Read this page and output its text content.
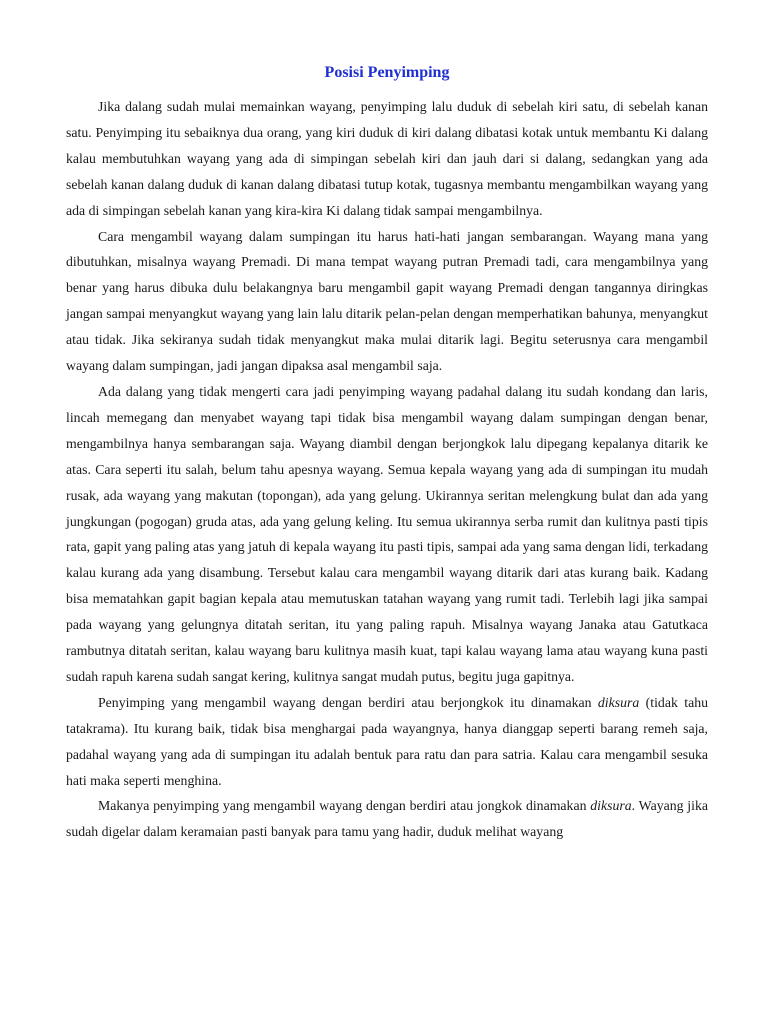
Posisi Penyimping

Jika dalang sudah mulai memainkan wayang, penyimping lalu duduk di sebelah kiri satu, di sebelah kanan satu. Penyimping itu sebaiknya dua orang, yang kiri duduk di kiri dalang dibatasi kotak untuk membantu Ki dalang kalau membutuhkan wayang yang ada di simpingan sebelah kiri dan jauh dari si dalang, sedangkan yang ada sebelah kanan dalang duduk di kanan dalang dibatasi tutup kotak, tugasnya membantu mengambilkan wayang yang ada di simpingan sebelah kanan yang kira-kira Ki dalang tidak sampai mengambilnya.

Cara mengambil wayang dalam sumpingan itu harus hati-hati jangan sembarangan. Wayang mana yang dibutuhkan, misalnya wayang Premadi. Di mana tempat wayang putran Premadi tadi, cara mengambilnya yang benar yang harus dibuka dulu belakangnya baru mengambil gapit wayang Premadi dengan tangannya diringkas jangan sampai menyangkut wayang yang lain lalu ditarik pelan-pelan dengan memperhatikan bahunya, menyangkut atau tidak. Jika sekiranya sudah tidak menyangkut maka mulai ditarik lagi. Begitu seterusnya cara mengambil wayang dalam sumpingan, jadi jangan dipaksa asal mengambil saja.

Ada dalang yang tidak mengerti cara jadi penyimping wayang padahal dalang itu sudah kondang dan laris, lincah memegang dan menyabet wayang tapi tidak bisa mengambil wayang dalam sumpingan dengan benar, mengambilnya hanya sembarangan saja. Wayang diambil dengan berjongkok lalu dipegang kepalanya ditarik ke atas. Cara seperti itu salah, belum tahu apesnya wayang. Semua kepala wayang yang ada di sumpingan itu mudah rusak, ada wayang yang makutan (topongan), ada yang gelung. Ukirannya seritan melengkung bulat dan ada yang jungkungan (pogogan) gruda atas, ada yang gelung keling. Itu semua ukirannya serba rumit dan kulitnya pasti tipis rata, gapit yang paling atas yang jatuh di kepala wayang itu pasti tipis, sampai ada yang sama dengan lidi, terkadang kalau kurang ada yang disambung. Tersebut kalau cara mengambil wayang ditarik dari atas kurang baik. Kadang bisa mematahkan gapit bagian kepala atau memutuskan tatahan wayang yang rumit tadi. Terlebih lagi jika sampai pada wayang yang gelungnya ditatah seritan, itu yang paling rapuh. Misalnya wayang Janaka atau Gatutkaca rambutnya ditatah seritan, kalau wayang baru kulitnya masih kuat, tapi kalau wayang lama atau wayang kuna pasti sudah rapuh karena sudah sangat kering, kulitnya sangat mudah putus, begitu juga gapitnya.

Penyimping yang mengambil wayang dengan berdiri atau berjongkok itu dinamakan diksura (tidak tahu tatakrama). Itu kurang baik, tidak bisa menghargai pada wayangnya, hanya dianggap seperti barang remeh saja, padahal wayang yang ada di sumpingan itu adalah bentuk para ratu dan para satria. Kalau cara mengambil sesuka hati maka seperti menghina.

Makanya penyimping yang mengambil wayang dengan berdiri atau jongkok dinamakan diksura. Wayang jika sudah digelar dalam keramaian pasti banyak para tamu yang hadir, duduk melihat wayang
